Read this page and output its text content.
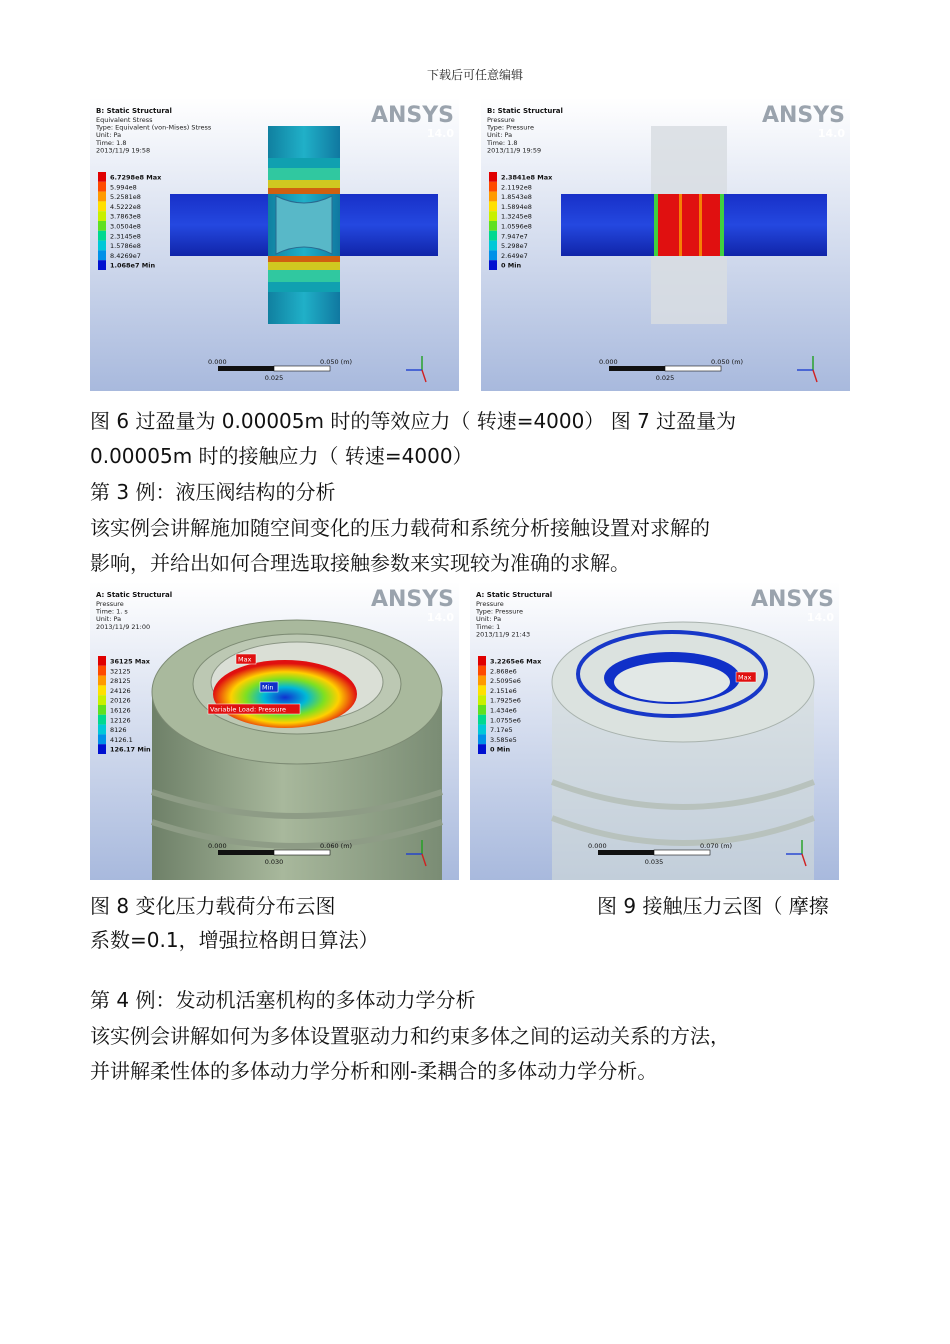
下载后可任意编辑
B: Static Structural
Equivalent Stress
Type: Equivalent (von-Mises) Stress
Unit: Pa
Time: 1.8
2013/11/9 19:58
ANSYS
14.0
6.7298e8 Max
5.994e8
5.2581e8
4.5222e8
3.7863e8
3.0504e8
2.3145e8
1.5786e8
8.4269e7
1.068e7 Min
0.000	0.050 (m)
0.025
B: Static Structural
Pressure
Type: Pressure
Unit: Pa
Time: 1.8
2013/11/9 19:59
ANSYS
14.0
2.3841e8 Max
2.1192e8
1.8543e8
1.5894e8
1.3245e8
1.0596e8
7.947e7
5.298e7
2.649e7
0 Min
0.000	0.050 (m)
0.025
A: Static Structural
Pressure
Time: 1. s
Unit: Pa
2013/11/9 21:00
ANSYS
14.0
36125 Max
32125
28125
24126
20126
16126
12126
8126
4126.1
126.17 Min
0.000	0.060 (m)
0.030
Max
Min
Variable Load: Pressure
A: Static Structural
Pressure
Type: Pressure
Unit: Pa
Time: 1
2013/11/9 21:43
ANSYS
14.0
3.2265e6 Max
2.868e6
2.5095e6
2.151e6
1.7925e6
1.434e6
1.0755e6
7.17e5
3.585e5
0 Min
0.000	0.070 (m)
0.035
Max
图 6 过盈量为 0.00005m 时的等效应力（ 转速=4000） 图 7 过盈量为
0.00005m 时的接触应力（ 转速=4000）
第 3 例：液压阀结构的分析
该实例会讲解施加随空间变化的压力载荷和系统分析接触设置对求解的
影响，并给出如何合理选取接触参数来实现较为准确的求解。
图 8 变化压力载荷分布云图	图 9 接触压力云图（ 摩擦
系数=0.1，增强拉格朗日算法）
第 4 例：发动机活塞机构的多体动力学分析
该实例会讲解如何为多体设置驱动力和约束多体之间的运动关系的方法，
并讲解柔性体的多体动力学分析和刚-柔耦合的多体动力学分析。
